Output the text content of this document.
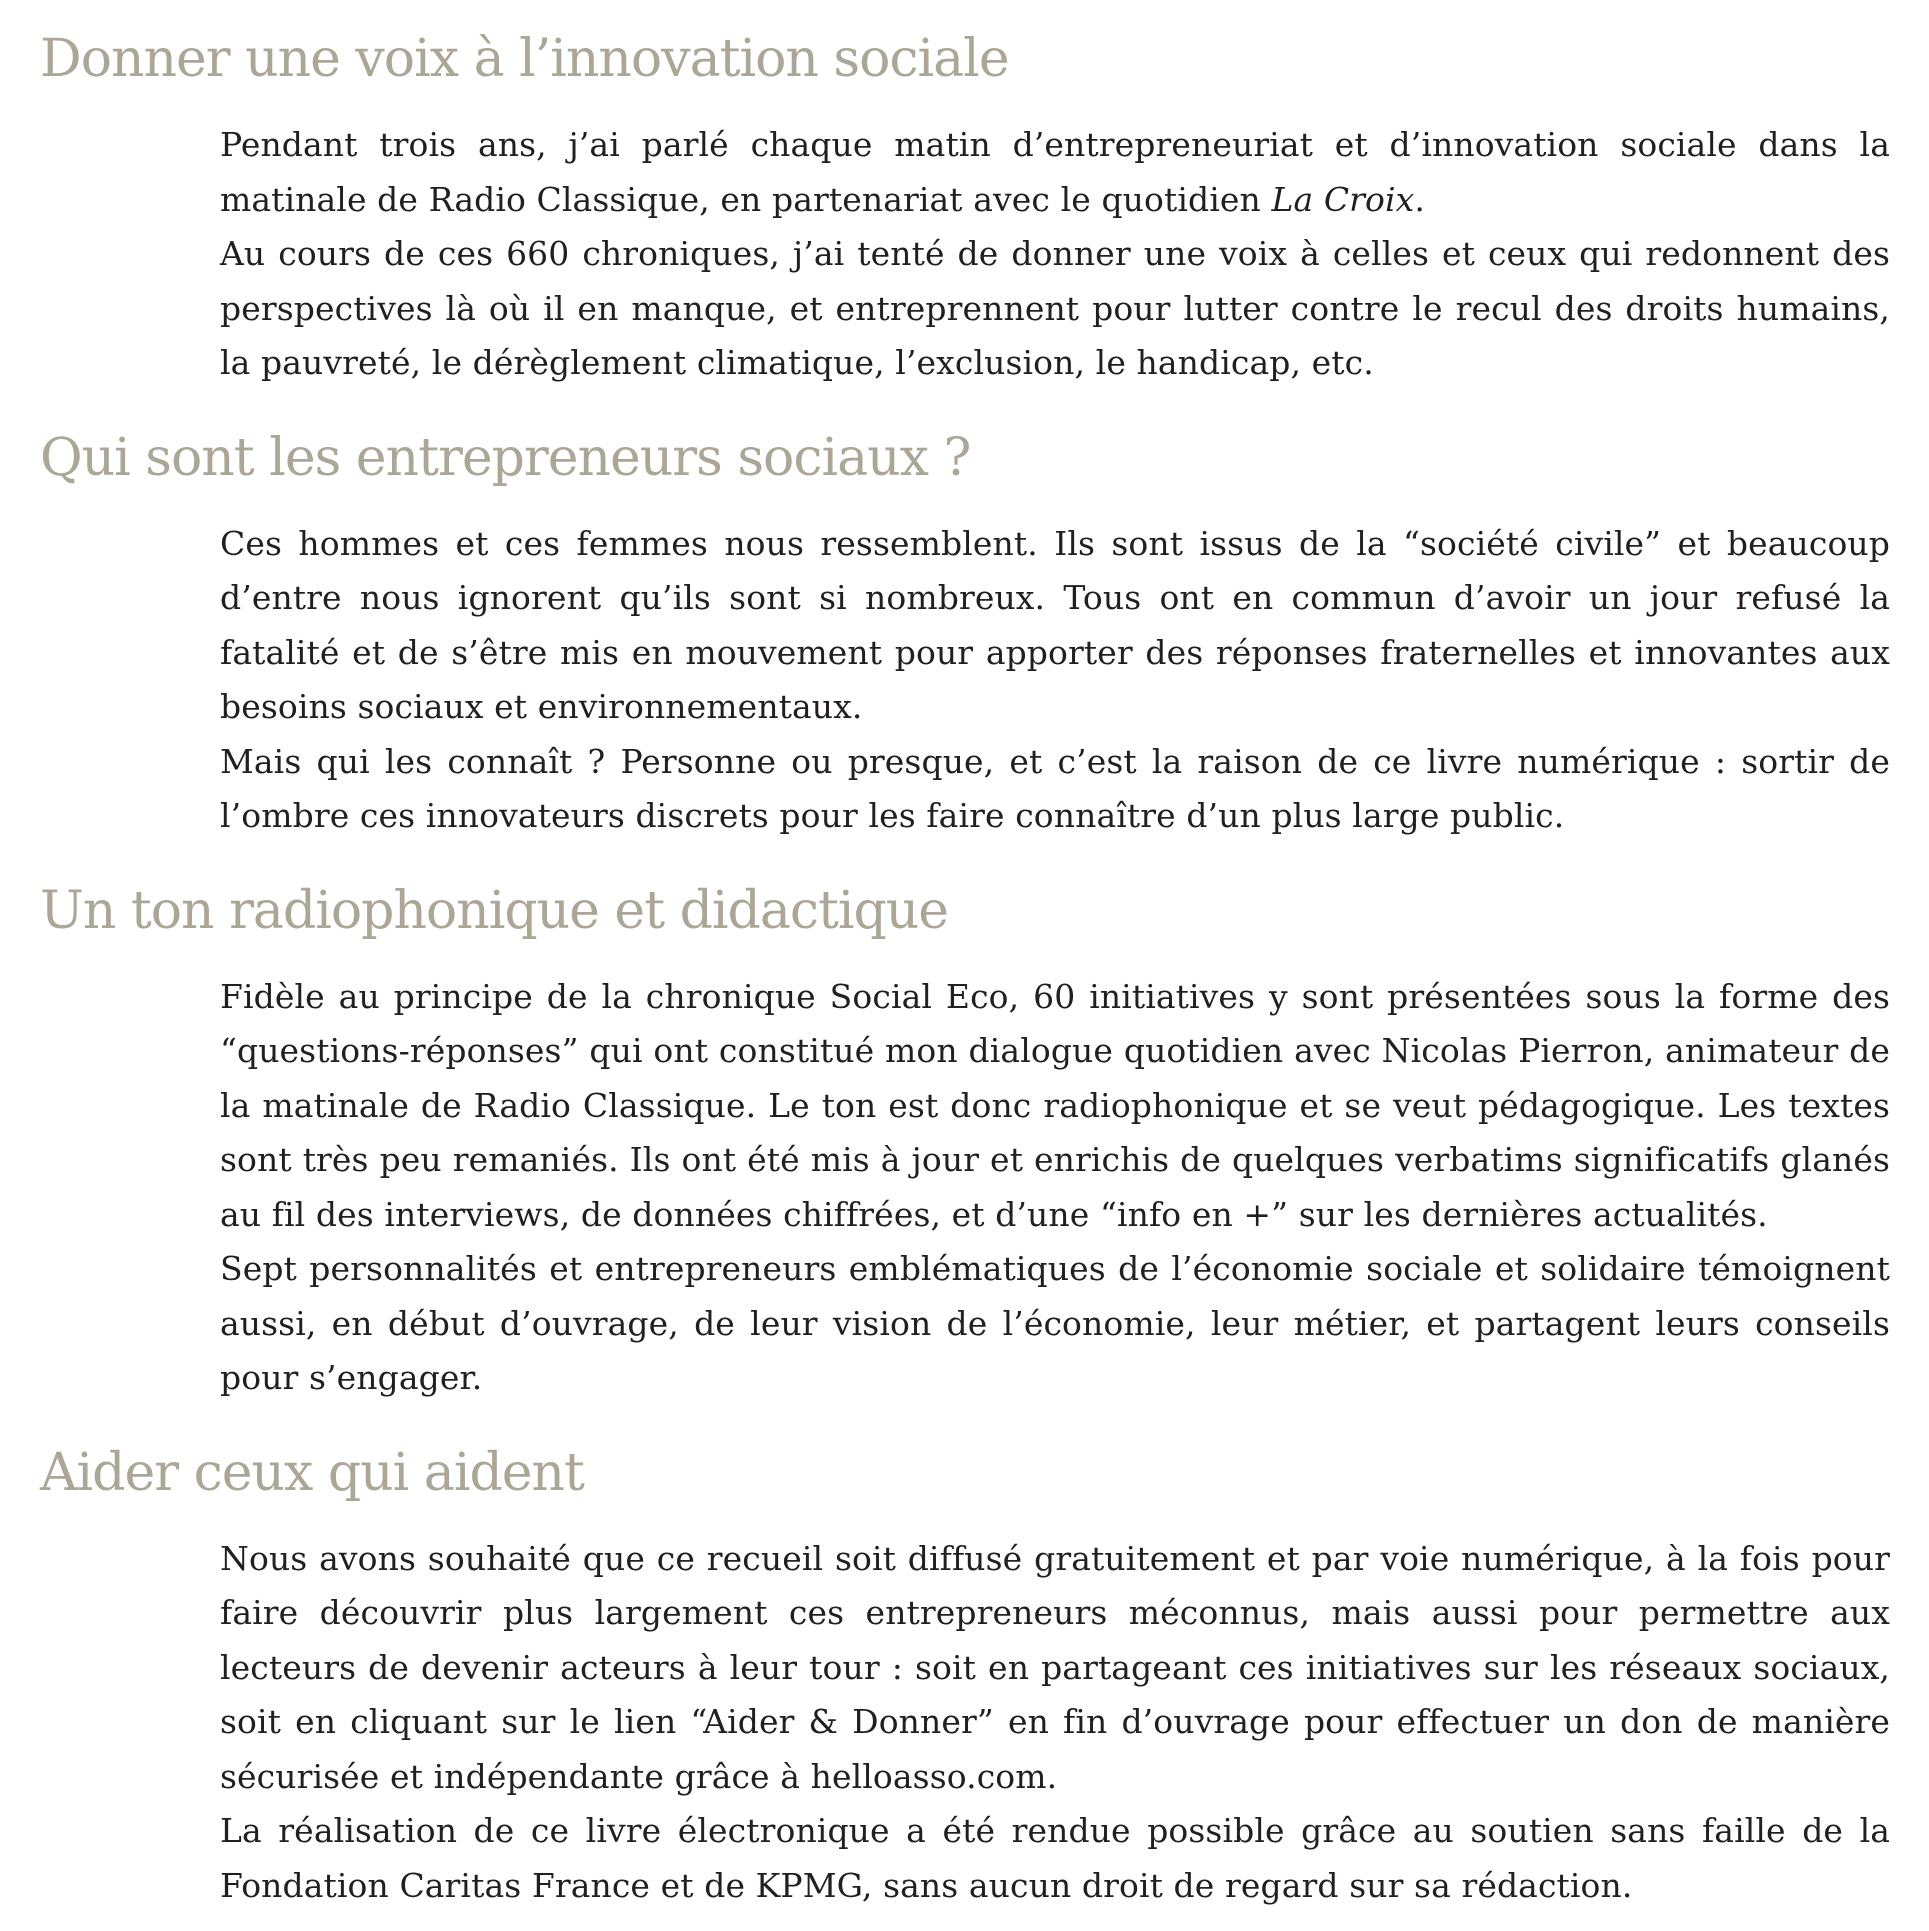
Donner une voix à l’innovation sociale

Pendant trois ans, j’ai parlé chaque matin d’entrepreneuriat et d’innovation sociale dans la matinale de Radio Classique, en partenariat avec le quotidien La Croix.

Au cours de ces 660 chroniques, j’ai tenté de donner une voix à celles et ceux qui redonnent des perspectives là où il en manque, et entreprennent pour lutter contre le recul des droits humains, la pauvreté, le dérèglement climatique, l’exclusion, le handicap, etc.

Qui sont les entrepreneurs sociaux ?

Ces hommes et ces femmes nous ressemblent. Ils sont issus de la “société civile” et beaucoup d’entre nous ignorent qu’ils sont si nombreux. Tous ont en commun d’avoir un jour refusé la fatalité et de s’être mis en mouvement pour apporter des réponses fraternelles et innovantes aux besoins sociaux et environnementaux.

Mais qui les connaît ? Personne ou presque, et c’est la raison de ce livre numérique : sortir de l’ombre ces innovateurs discrets pour les faire connaître d’un plus large public.

Un ton radiophonique et didactique

Fidèle au principe de la chronique Social Eco, 60 initiatives y sont présentées sous la forme des “questions-réponses” qui ont constitué mon dialogue quotidien avec Nicolas Pierron, animateur de la matinale de Radio Classique. Le ton est donc radiophonique et se veut pédagogique. Les textes sont très peu remaniés. Ils ont été mis à jour et enrichis de quelques verbatims significatifs glanés au fil des interviews, de données chiffrées, et d’une “info en +” sur les dernières actualités.

Sept personnalités et entrepreneurs emblématiques de l’économie sociale et solidaire témoignent aussi, en début d’ouvrage, de leur vision de l’économie, leur métier, et partagent leurs conseils pour s’engager.

Aider ceux qui aident

Nous avons souhaité que ce recueil soit diffusé gratuitement et par voie numérique, à la fois pour faire découvrir plus largement ces entrepreneurs méconnus, mais aussi pour permettre aux lecteurs de devenir acteurs à leur tour : soit en partageant ces initiatives sur les réseaux sociaux, soit en cliquant sur le lien “Aider & Donner” en fin d’ouvrage pour effectuer un don de manière sécurisée et indépendante grâce à helloasso.com.

La réalisation de ce livre électronique a été rendue possible grâce au soutien sans faille de la Fondation Caritas France et de KPMG, sans aucun droit de regard sur sa rédaction.
